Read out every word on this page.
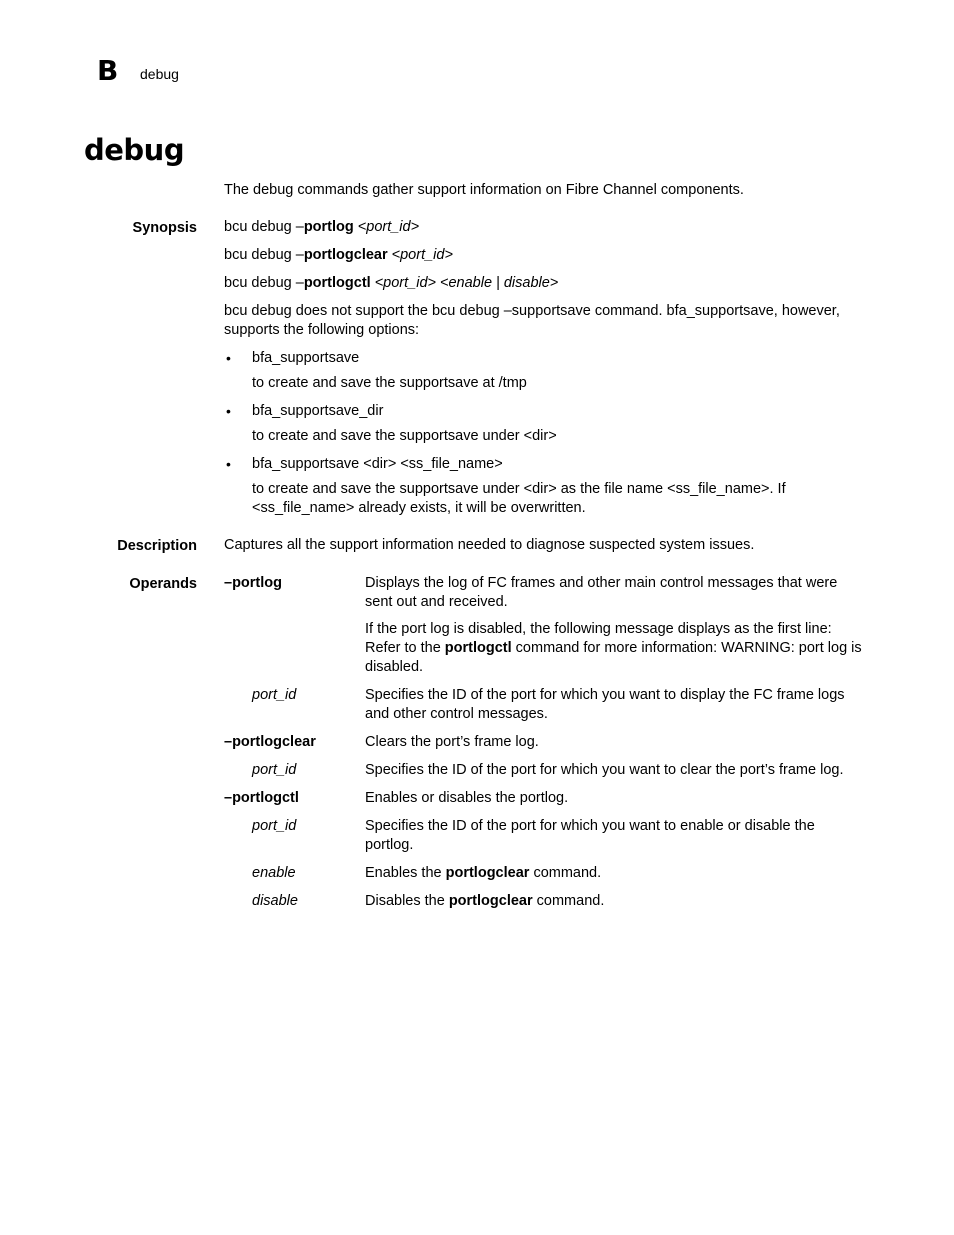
B debug
debug

The debug commands gather support information on Fibre Channel components.

Synopsis bcu debug –portlog <port_id>

bcu debug –portlogclear <port_id>

bcu debug –portlogctl <port_id> <enable | disable>

bcu debug does not support the bcu debug –supportsave command. bfa_supportsave, however, supports the following options:

• bfa_supportsave

to create and save the supportsave at /tmp

• bfa_supportsave_dir

to create and save the supportsave under <dir>

• bfa_supportsave <dir> <ss_file_name>

to create and save the supportsave under <dir> as the file name <ss_file_name>. If <ss_file_name> already exists, it will be overwritten.

Description Captures all the support information needed to diagnose suspected system issues.

Operands –portlog	Displays the log of FC frames and other main control messages that were sent out and received.

If the port log is disabled, the following message displays as the first line: Refer to the portlogctl command for more information: WARNING: port log is disabled.

port_id	Specifies the ID of the port for which you want to display the FC frame logs and other control messages.

–portlogclear	Clears the port’s frame log.

port_id	Specifies the ID of the port for which you want to clear the port’s frame log.

–portlogctl	Enables or disables the portlog.

port_id	Specifies the ID of the port for which you want to enable or disable the portlog.

enable	Enables the portlogclear command.

disable	Disables the portlogclear command.
